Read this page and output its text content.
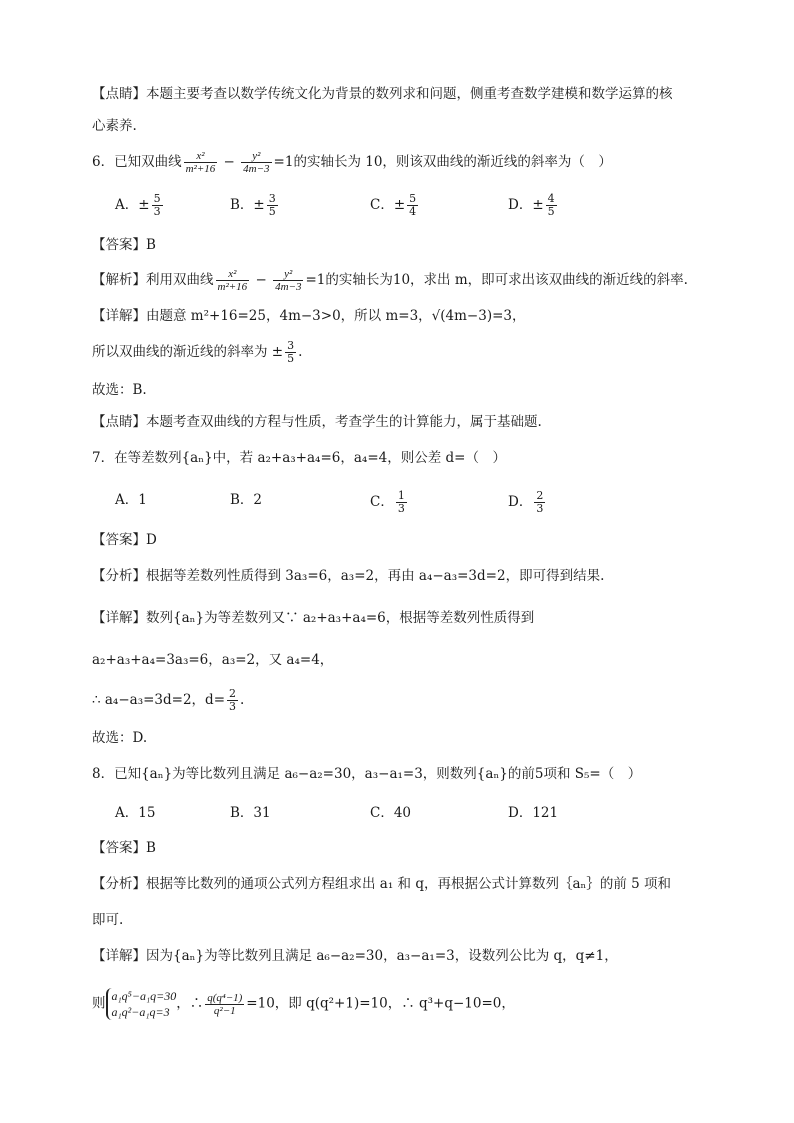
【点睛】本题主要考查以数学传统文化为背景的数列求和问题，侧重考查数学建模和数学运算的核
心素养.
6．已知双曲线 $\frac{\text{x²}}{\text{m²+16}} - \frac{\text{y²}}{4m-3} =1$的实轴长为 10，则该双曲线的渐近线的斜率为（　）
A．± $\frac{5}{3}$	B．± $\frac{3}{5}$	C．± $\frac{5}{4}$	D．± $\frac{4}{5}$
【答案】B
【解析】利用双曲线 $\frac{\text{x²}}{\text{m²+16}} - \frac{\text{y²}}{4m-3} =1$的实轴长为10，求出 m，即可求出该双曲线的渐近线的斜率.
【详解】由题意 m²+16=25，4m−3>0，所以 m=3，√(4m−3)=3，
所以双曲线的渐近线的斜率为 ± $\frac{3}{5}$ .
故选：B.
【点睛】本题考查双曲线的方程与性质，考查学生的计算能力，属于基础题.
7．在等差数列{aₙ}中，若 a₂+a₃+a₄=6，a₄=4，则公差 d=（　）
A．1	B．2	C． $\frac{1}{3}$	D． $\frac{2}{3}$
【答案】D
【分析】根据等差数列性质得到 3a₃=6，a₃=2，再由 a₄−a₃=3d=2，即可得到结果.
【详解】数列{aₙ}为等差数列又∵ a₂+a₃+a₄=6，根据等差数列性质得到
a₂+a₃+a₄=3a₃=6，a₃=2，又 a₄=4，
∴ a₄−a₃=3d=2，$d= \frac{2}{3}$ .
故选：D.
8．已知{aₙ}为等比数列且满足 a₆−a₂=30，a₃−a₁=3，则数列{aₙ}的前5项和 S₅=（　）
A．15	B．31	C．40	D．121
【答案】B
【分析】根据等比数列的通项公式列方程组求出 a₁ 和 q，再根据公式计算数列｛aₙ｝的前 5 项和
即可.
【详解】因为{aₙ}为等比数列且满足 a₆−a₂=30，a₃−a₁=3，设数列公比为 q，q≠1，
则 a₁q⁵−a₁q=30
a₁q²−a₁q=3
，∴ $\frac{\text{q(q⁴−1)}}{\text{q²−1}} =10$，即 q(q²+1)=10，∴ q³+q−10=0，
